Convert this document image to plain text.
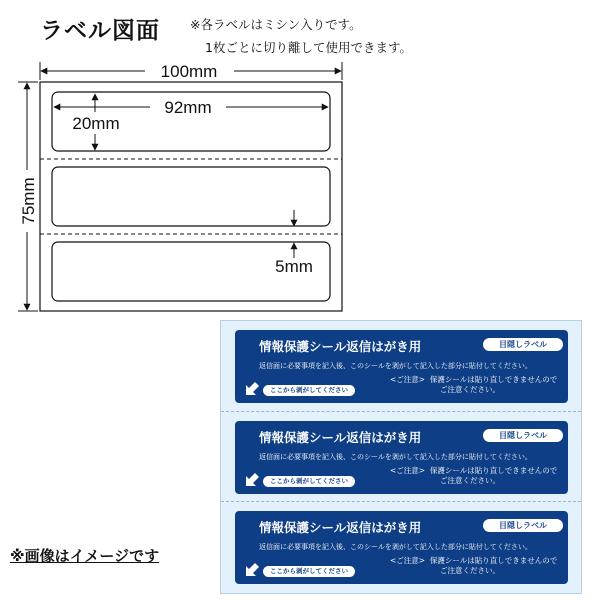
ラベル図面 ※各ラベルはミシン入りです。
1枚ごとに切り離して使用できます。
100mm
75mm
92mm
20mm
5mm
情報保護シール返信はがき用	目隠しラベル
返信面に必要事項を記入後、このシールを剥がして記入した部分に貼付してください。
<ご注意> 保護シールは貼り直しできませんので
ご注意ください。
ここから剥がしてください
情報保護シール返信はがき用	目隠しラベル
返信面に必要事項を記入後、このシールを剥がして記入した部分に貼付してください。
<ご注意> 保護シールは貼り直しできませんので
ご注意ください。
ここから剥がしてください
情報保護シール返信はがき用	目隠しラベル
返信面に必要事項を記入後、このシールを剥がして記入した部分に貼付してください。
<ご注意> 保護シールは貼り直しできませんので
ご注意ください。
ここから剥がしてください
※画像はイメージです
